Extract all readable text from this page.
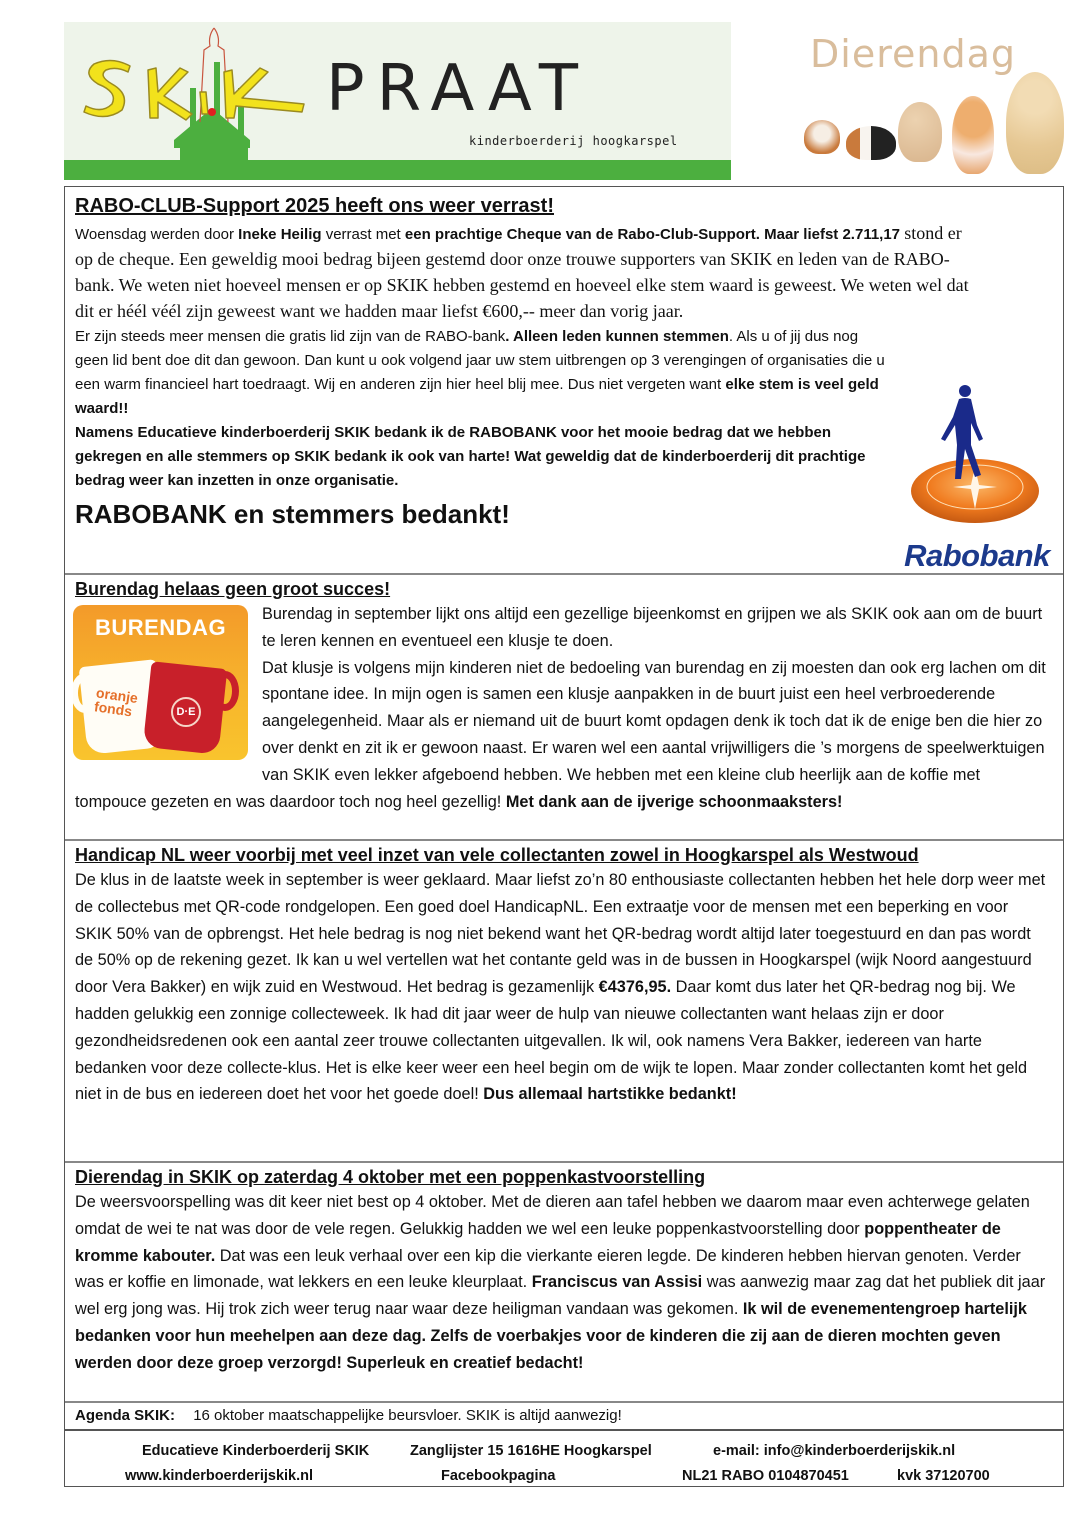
PRAAT
kinderboerderij hoogkarspel
Dierendag
RABO-CLUB-Support 2025 heeft ons weer verrast!
Woensdag werden door Ineke Heilig verrast met een prachtige Cheque van de Rabo-Club-Support. Maar liefst 2.711,17 stond er op de cheque. Een geweldig mooi bedrag bijeen gestemd door onze trouwe supporters van SKIK en leden van de RABO-bank. We weten niet hoeveel mensen er op SKIK hebben gestemd en hoeveel elke stem waard is geweest. We weten wel dat dit er héél véél zijn geweest want we hadden maar liefst €600,-- meer dan vorig jaar.
Er zijn steeds meer mensen die gratis lid zijn van de RABO-bank. Alleen leden kunnen stemmen. Als u of jij dus nog geen lid bent doe dit dan gewoon. Dan kunt u ook volgend jaar uw stem uitbrengen op 3 verengingen of organisaties die u een warm financieel hart toedraagt. Wij en anderen zijn hier heel blij mee. Dus niet vergeten want elke stem is veel geld waard!!
Namens Educatieve kinderboerderij SKIK bedank ik de RABOBANK voor het mooie bedrag dat we hebben gekregen en alle stemmers op SKIK bedank ik ook van harte! Wat geweldig dat de kinderboerderij dit prachtige bedrag weer kan inzetten in onze organisatie.
RABOBANK en stemmers bedankt!
Rabobank
Burendag helaas geen groot succes!
BURENDAG
oranje fonds	D·E
Burendag in september lijkt ons altijd een gezellige bijeenkomst en grijpen we als SKIK ook aan om de buurt te leren kennen en eventueel een klusje te doen.
Dat klusje is volgens mijn kinderen niet de bedoeling van burendag en zij moesten dan ook erg lachen om dit spontane idee. In mijn ogen is samen een klusje aanpakken in de buurt juist een heel verbroederende aangelegenheid. Maar als er niemand uit de buurt komt opdagen denk ik toch dat ik de enige ben die hier zo over denkt en zit ik er gewoon naast. Er waren wel een aantal vrijwilligers die ’s morgens de speelwerktuigen van SKIK even lekker afgeboend hebben. We hebben met een kleine club heerlijk aan de koffie met tompouce gezeten en was daardoor toch nog heel gezellig! Met dank aan de ijverige schoonmaaksters!
Handicap NL weer voorbij met veel inzet van vele collectanten zowel in Hoogkarspel als Westwoud
De klus in de laatste week in september is weer geklaard. Maar liefst zo’n 80 enthousiaste collectanten hebben het hele dorp weer met de collectebus met QR-code rondgelopen. Een goed doel HandicapNL. Een extraatje voor de mensen met een beperking en voor SKIK 50% van de opbrengst. Het hele bedrag is nog niet bekend want het QR-bedrag wordt altijd later toegestuurd en dan pas wordt de 50% op de rekening gezet. Ik kan u wel vertellen wat het contante geld was in de bussen in Hoogkarspel (wijk Noord aangestuurd door Vera Bakker) en wijk zuid en Westwoud. Het bedrag is gezamenlijk €4376,95. Daar komt dus later het QR-bedrag nog bij. We hadden gelukkig een zonnige collecteweek. Ik had dit jaar weer de hulp van nieuwe collectanten want helaas zijn er door gezondheidsredenen ook een aantal zeer trouwe collectanten uitgevallen. Ik wil, ook namens Vera Bakker, iedereen van harte bedanken voor deze collecte-klus. Het is elke keer weer een heel begin om de wijk te lopen. Maar zonder collectanten komt het geld niet in de bus en iedereen doet het voor het goede doel! Dus allemaal hartstikke bedankt!
Dierendag in SKIK op zaterdag 4 oktober met een poppenkastvoorstelling
De weersvoorspelling was dit keer niet best op 4 oktober. Met de dieren aan tafel hebben we daarom maar even achterwege gelaten omdat de wei te nat was door de vele regen. Gelukkig hadden we wel een leuke poppenkastvoorstelling door poppentheater de kromme kabouter. Dat was een leuk verhaal over een kip die vierkante eieren legde. De kinderen hebben hiervan genoten. Verder was er koffie en limonade, wat lekkers en een leuke kleurplaat. Franciscus van Assisi was aanwezig maar zag dat het publiek dit jaar wel erg jong was. Hij trok zich weer terug naar waar deze heiligman vandaan was gekomen. Ik wil de evenementengroep hartelijk bedanken voor hun meehelpen aan deze dag. Zelfs de voerbakjes voor de kinderen die zij aan de dieren mochten geven werden door deze groep verzorgd! Superleuk en creatief bedacht!
Agenda SKIK: 16 oktober maatschappelijke beursvloer. SKIK is altijd aanwezig!
Educatieve Kinderboerderij SKIK	Zanglijster 15 1616HE Hoogkarspel	e-mail: info@kinderboerderijskik.nl
www.kinderboerderijskik.nl	Facebookpagina	NL21 RABO 0104870451	kvk 37120700
